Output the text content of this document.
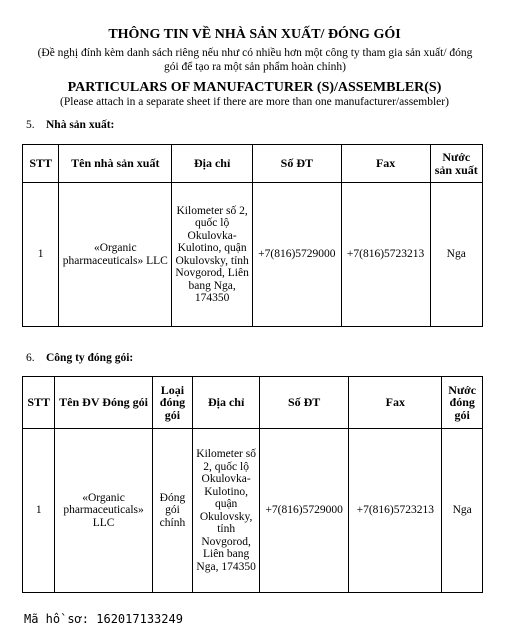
THÔNG TIN VỀ NHÀ SẢN XUẤT/ ĐÓNG GÓI
(Đề nghị đính kèm danh sách riêng nếu như có nhiều hơn một công ty tham gia sản xuất/ đóng gói để tạo ra một sản phẩm hoàn chỉnh)
PARTICULARS OF MANUFACTURER (S)/ASSEMBLER(S)
(Please attach in a separate sheet if there are more than one manufacturer/assembler)
5. Nhà sản xuất:
STT	Tên nhà sản xuất	Địa chỉ	Số ĐT	Fax	Nước sản xuất
1	«Organic pharmaceuticals» LLC	Kilometer số 2, quốc lộ Okulovka-Kulotino, quận Okulovsky, tỉnh Novgorod, Liên bang Nga, 174350	+7(816)5729000	+7(816)5723213	Nga
6. Công ty đóng gói:
STT	Tên ĐV Đóng gói	Loại đóng gói	Địa chỉ	Số ĐT	Fax	Nước đóng gói
1	«Organic pharmaceuticals» LLC	Đóng gói chính	Kilometer số 2, quốc lộ Okulovka-Kulotino, quận Okulovsky, tỉnh Novgorod, Liên bang Nga, 174350	+7(816)5729000	+7(816)5723213	Nga
Mã hồ sơ: 162017133249
